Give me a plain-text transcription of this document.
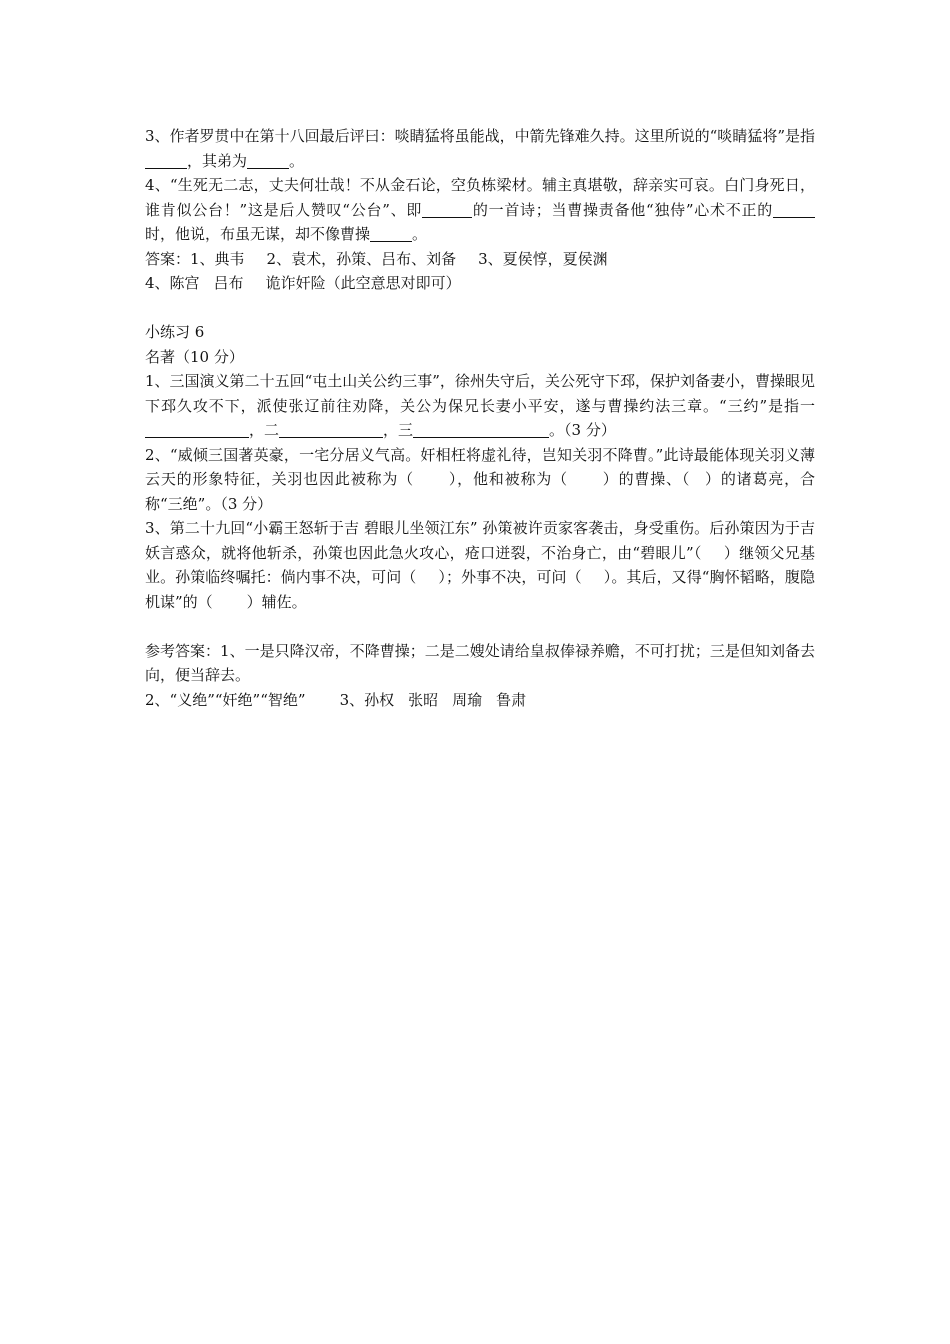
3、作者罗贯中在第十八回最后评曰：啖睛猛将虽能战，中箭先锋难久持。这里所说的“啖睛猛将”是指，其弟为	。

4、“生死无二志，丈夫何壮哉！不从金石论，空负栋梁材。辅主真堪敬，辞亲实可哀。白门身死日，谁肯似公台！”这是后人赞叹“公台”、即	的一首诗；当曹操责备他“独侍”心术不正的时，他说，布虽无谋，却不像曹操	。

答案：1、典韦 2、袁术，孙策、吕布、刘备 3、夏侯惇，夏侯渊

4、陈宫 吕布 诡诈奸险（此空意思对即可）

小练习 6

名著（10 分）

1、三国演义第二十五回“屯土山关公约三事”，徐州失守后，关公死守下邳，保护刘备妻小，曹操眼见下邳久攻不下，派使张辽前往劝降，关公为保兄长妻小平安，遂与曹操约法三章。“三约”是指一，二	，三	。（3 分）

2、“威倾三国著英豪，一宅分居义气高。奸相枉将虚礼待，岂知关羽不降曹。”此诗最能体现关羽义薄云天的形象特征，关羽也因此被称为（ ），他和被称为（ ）的曹操、（ ）的诸葛亮，合称“三绝”。（3 分）

3、第二十九回“小霸王怒斩于吉 碧眼儿坐领江东” 孙策被许贡家客袭击，身受重伤。后孙策因为于吉妖言惑众，就将他斩杀，孙策也因此急火攻心，疮口迸裂，不治身亡，由“碧眼儿”（ ）继领父兄基业。孙策临终嘱托：倘内事不决，可问（ ）；外事不决，可问（ ）。其后，又得“胸怀韬略，腹隐机谋”的（ ）辅佐。

参考答案：1、一是只降汉帝，不降曹操；二是二嫂处请给皇叔俸禄养赡，不可打扰；三是但知刘备去向，便当辞去。

2、“义绝”“奸绝”“智绝” 3、孙权 张昭 周瑜 鲁肃
